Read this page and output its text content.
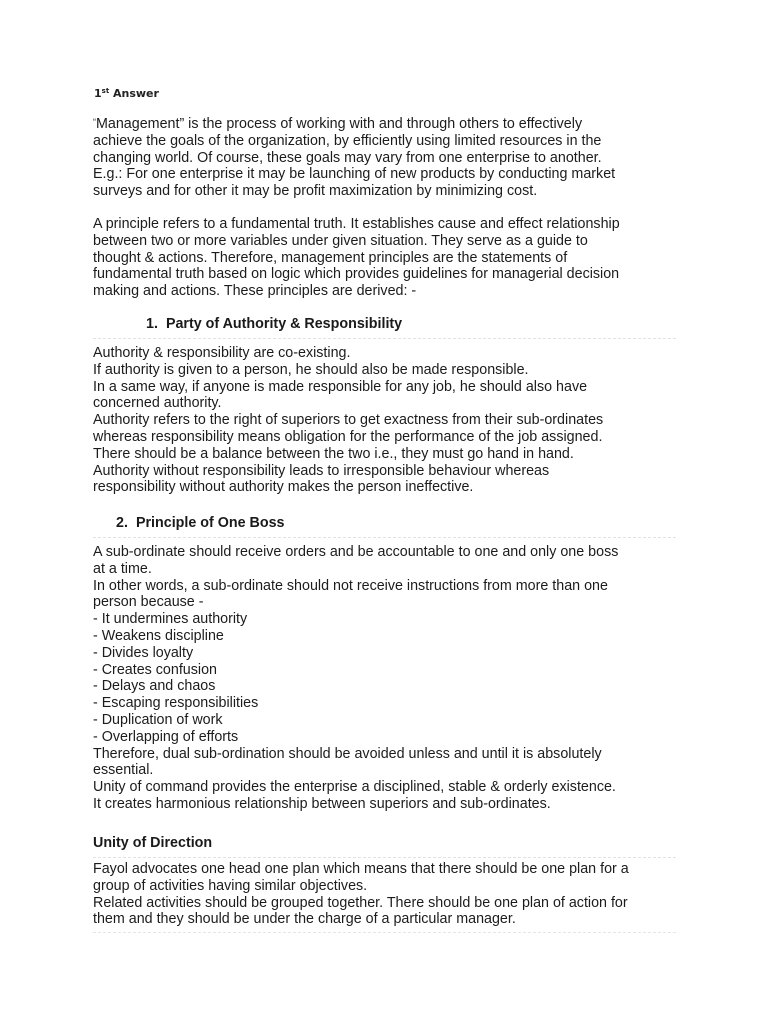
1st Answer
“Management” is the process of working with and through others to effectively
achieve the goals of the organization, by efficiently using limited resources in the
changing world. Of course, these goals may vary from one enterprise to another.
E.g.: For one enterprise it may be launching of new products by conducting market
surveys and for other it may be profit maximization by minimizing cost.
A principle refers to a fundamental truth. It establishes cause and effect relationship
between two or more variables under given situation. They serve as a guide to
thought & actions. Therefore, management principles are the statements of
fundamental truth based on logic which provides guidelines for managerial decision
making and actions. These principles are derived: -
1. Party of Authority & Responsibility
Authority & responsibility are co-existing.
If authority is given to a person, he should also be made responsible.
In a same way, if anyone is made responsible for any job, he should also have
concerned authority.
Authority refers to the right of superiors to get exactness from their sub-ordinates
whereas responsibility means obligation for the performance of the job assigned.
There should be a balance between the two i.e., they must go hand in hand.
Authority without responsibility leads to irresponsible behaviour whereas
responsibility without authority makes the person ineffective.
2. Principle of One Boss
A sub-ordinate should receive orders and be accountable to one and only one boss
at a time.
In other words, a sub-ordinate should not receive instructions from more than one
person because -
- It undermines authority
- Weakens discipline
- Divides loyalty
- Creates confusion
- Delays and chaos
- Escaping responsibilities
- Duplication of work
- Overlapping of efforts
Therefore, dual sub-ordination should be avoided unless and until it is absolutely
essential.
Unity of command provides the enterprise a disciplined, stable & orderly existence.
It creates harmonious relationship between superiors and sub-ordinates.
Unity of Direction
Fayol advocates one head one plan which means that there should be one plan for a
group of activities having similar objectives.
Related activities should be grouped together. There should be one plan of action for
them and they should be under the charge of a particular manager.
